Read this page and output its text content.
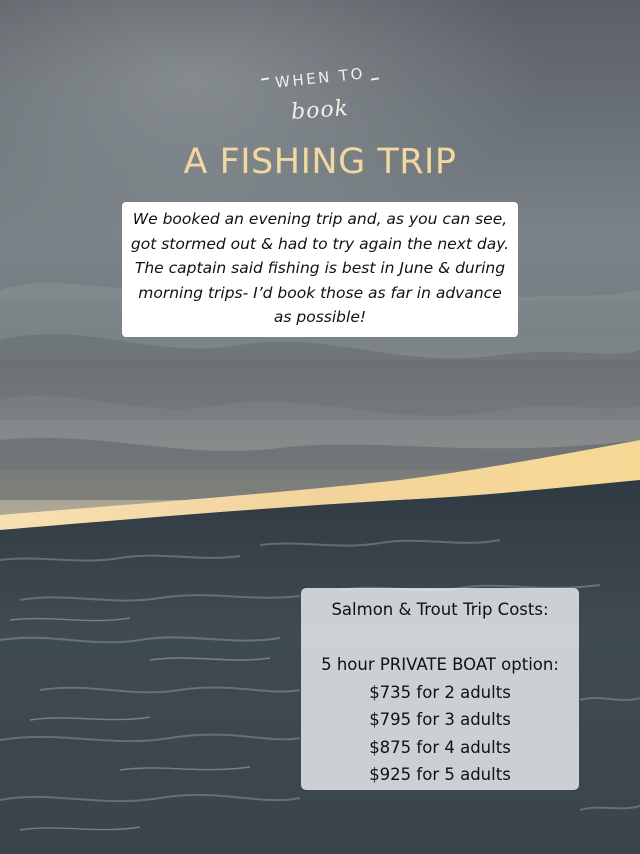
WHEN TO
book
A FISHING TRIP
We booked an evening trip and, as you can see, got stormed out & had to try again the next day. The captain said fishing is best in June & during morning trips- I’d book those as far in advance as possible!
Salmon & Trout Trip Costs:
5 hour PRIVATE BOAT option:
$735 for 2 adults
$795 for 3 adults
$875 for 4 adults
$925 for 5 adults
